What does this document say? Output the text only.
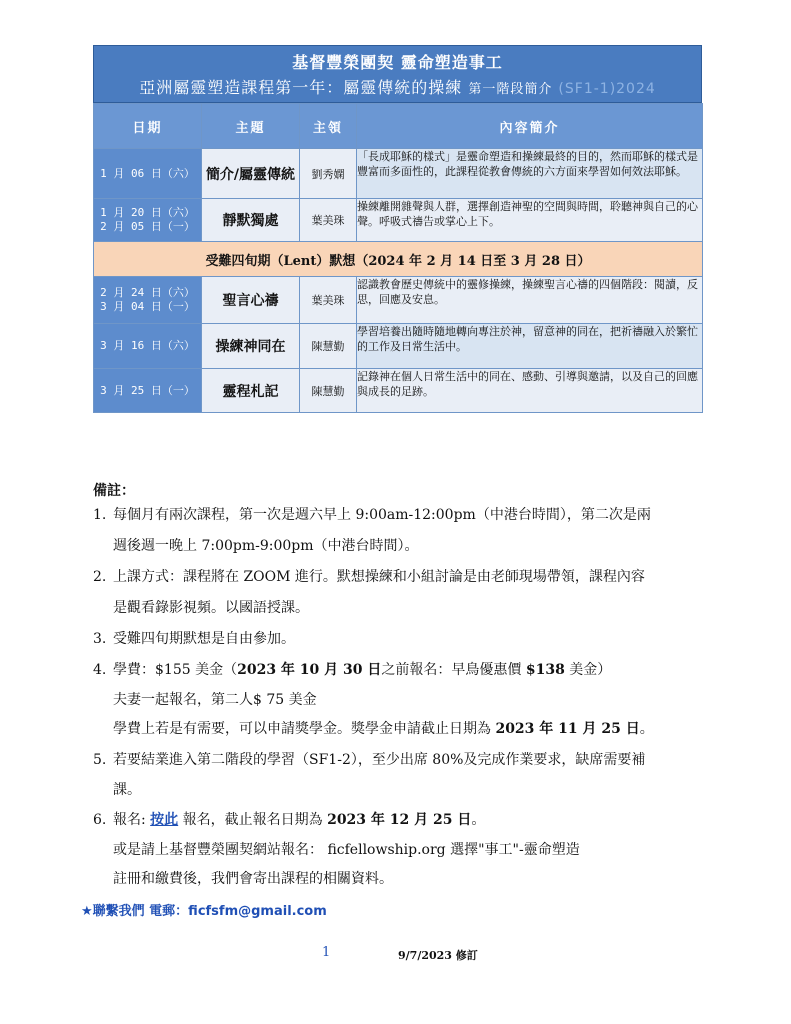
基督豐榮團契 靈命塑造事工
亞洲屬靈塑造課程第一年：屬靈傳統的操練 第一階段簡介 (SF1-1)2024
日期	主題	主領	內容簡介
1 月 06 日（六）	簡介/屬靈傳統	劉秀嫻	「長成耶穌的樣式」是靈命塑造和操練最終的目的，然而耶穌的樣式是豐富而多面性的，此課程從教會傳統的六方面來學習如何效法耶穌。

1 月 20 日（六）
2 月 05 日（一）	靜默獨處	葉美珠	操練離開雜聲與人群，選擇創造神聖的空間與時間，聆聽神與自己的心聲。呼吸式禱告或掌心上下。
受難四旬期（Lent）默想（2024 年 2 月 14 日至 3 月 28 日）			

2 月 24 日（六）
3 月 04 日（一）	聖言心禱	葉美珠	認識教會歷史傳統中的靈修操練，操練聖言心禱的四個階段：閱讀，反思，回應及安息。
3 月 16 日（六）	操練神同在	陳慧勤	學習培養出隨時隨地轉向專注於神，留意神的同在，把祈禱融入於繁忙的工作及日常生活中。
3 月 25 日（一）	靈程札記	陳慧勤	記錄神在個人日常生活中的同在、感動、引導與邀請，以及自己的回應與成長的足跡。
備註：
1. 每個月有兩次課程，第一次是週六早上 9:00am-12:00pm（中港台時間），第二次是兩
週後週一晚上 7:00pm-9:00pm（中港台時間）。
2. 上課方式：課程將在 ZOOM 進行。默想操練和小組討論是由老師現場帶領，課程內容
是觀看錄影視頻。以國語授課。
3. 受難四旬期默想是自由參加。
4. 學費：$155 美金（2023 年 10 月 30 日之前報名：早鳥優惠價 $138 美金）
夫妻一起報名，第二人$ 75 美金
學費上若是有需要，可以申請獎學金。獎學金申請截止日期為 2023 年 11 月 25 日。
5. 若要結業進入第二階段的學習（SF1-2），至少出席 80%及完成作業要求，缺席需要補
課。
6. 報名: 按此 報名，截止報名日期為 2023 年 12 月 25 日。
或是請上基督豐榮團契網站報名： ficfellowship.org 選擇"事工"-靈命塑造
註冊和繳費後，我們會寄出課程的相關資料。
★聯繫我們 電郵：ficfsfm@gmail.com
1	9/7/2023 修訂
